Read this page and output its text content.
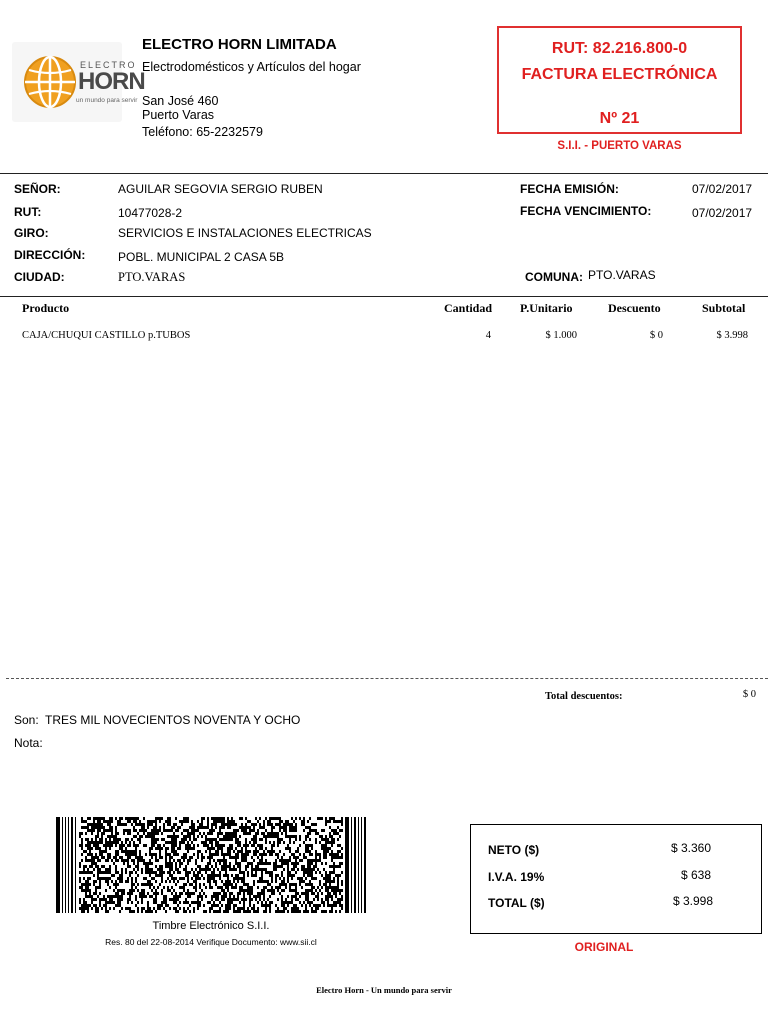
ELECTRO
HORN
un mundo para servir
ELECTRO HORN LIMITADA
Electrodomésticos y Artículos del hogar
San José 460
Puerto Varas
Teléfono: 65-2232579
RUT: 82.216.800-0
FACTURA ELECTRÓNICA
Nº 21
S.I.I. - PUERTO VARAS
SEÑOR:	AGUILAR SEGOVIA SERGIO RUBEN
RUT:	10477028-2
GIRO:	SERVICIOS E INSTALACIONES ELECTRICAS
DIRECCIÓN:	POBL. MUNICIPAL 2 CASA 5B
CIUDAD:	PTO.VARAS
FECHA EMISIÓN:	07/02/2017
FECHA VENCIMIENTO:	07/02/2017
COMUNA: PTO.VARAS
Producto	Cantidad P.Unitario	Descuento	Subtotal
CAJA/CHUQUI CASTILLO p.TUBOS	4	$ 1.000	$ 0	$ 3.998
Total descuentos:	$ 0
Son: TRES MIL NOVECIENTOS NOVENTA Y OCHO
Nota:
Timbre Electrónico S.I.I.
Res. 80 del 22-08-2014 Verifique Documento: www.sii.cl
NETO ($)	$ 3.360
I.V.A. 19%	$ 638
TOTAL ($)	$ 3.998
ORIGINAL
Electro Horn - Un mundo para servir
